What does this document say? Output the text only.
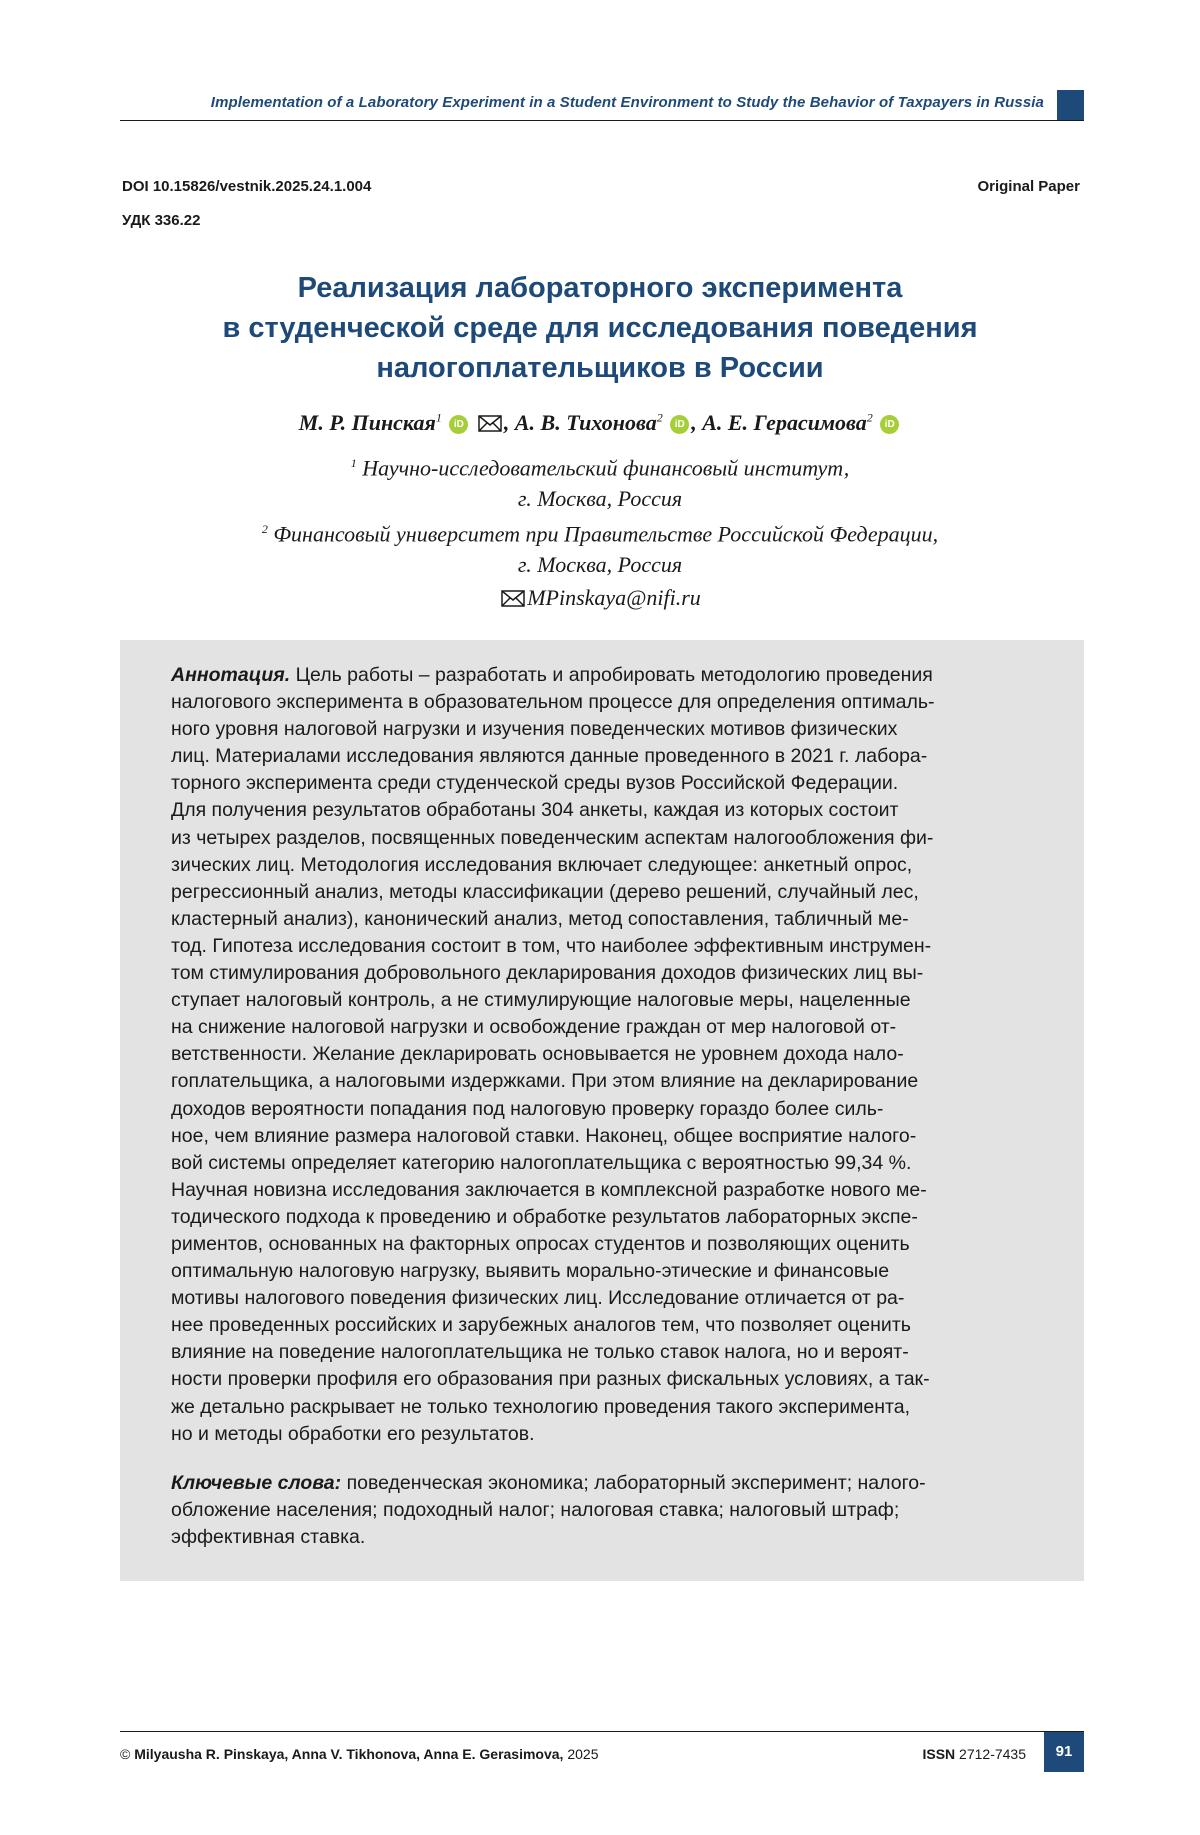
Implementation of a Laboratory Experiment in a Student Environment to Study the Behavior of Taxpayers in Russia
DOI 10.15826/vestnik.2025.24.1.004	Original Paper
УДК 336.22
Реализация лабораторного эксперимента
в студенческой среде для исследования поведения
налогоплательщиков в России
М. Р. Пинская$^1$ iD , А. В. Тихонова$^2$ iD , А. Е. Герасимова$^2$ iD
$^1$ Научно-исследовательский финансовый институт,
г. Москва, Россия
$^2$ Финансовый университет при Правительстве Российской Федерации,
г. Москва, Россия
MPinskaya@nifi.ru
Аннотация. Цель работы – разработать и апробировать методологию проведения
налогового эксперимента в образовательном процессе для определения оптималь-
ного уровня налоговой нагрузки и изучения поведенческих мотивов физических
лиц. Материалами исследования являются данные проведенного в 2021 г. лабора-
торного эксперимента среди студенческой среды вузов Российской Федерации.
Для получения результатов обработаны 304 анкеты, каждая из которых состоит
из четырех разделов, посвященных поведенческим аспектам налогообложения фи-
зических лиц. Методология исследования включает следующее: анкетный опрос,
регрессионный анализ, методы классификации (дерево решений, случайный лес,
кластерный анализ), канонический анализ, метод сопоставления, табличный ме-
тод. Гипотеза исследования состоит в том, что наиболее эффективным инструмен-
том стимулирования добровольного декларирования доходов физических лиц вы-
ступает налоговый контроль, а не стимулирующие налоговые меры, нацеленные
на снижение налоговой нагрузки и освобождение граждан от мер налоговой от-
ветственности. Желание декларировать основывается не уровнем дохода нало-
гоплательщика, а налоговыми издержками. При этом влияние на декларирование
доходов вероятности попадания под налоговую проверку гораздо более силь-
ное, чем влияние размера налоговой ставки. Наконец, общее восприятие налого-
вой системы определяет категорию налогоплательщика с вероятностью 99,34 %.
Научная новизна исследования заключается в комплексной разработке нового ме-
тодического подхода к проведению и обработке результатов лабораторных экспе-
риментов, основанных на факторных опросах студентов и позволяющих оценить
оптимальную налоговую нагрузку, выявить морально-этические и финансовые
мотивы налогового поведения физических лиц. Исследование отличается от ра-
нее проведенных российских и зарубежных аналогов тем, что позволяет оценить
влияние на поведение налогоплательщика не только ставок налога, но и вероят-
ности проверки профиля его образования при разных фискальных условиях, а так-
же детально раскрывает не только технологию проведения такого эксперимента,
но и методы обработки его результатов.
Ключевые слова: поведенческая экономика; лабораторный эксперимент; налого-
обложение населения; подоходный налог; налоговая ставка; налоговый штраф;
эффективная ставка.
© Milyausha R. Pinskaya, Anna V. Tikhonova, Anna E. Gerasimova, 2025	ISSN 2712-7435	91
